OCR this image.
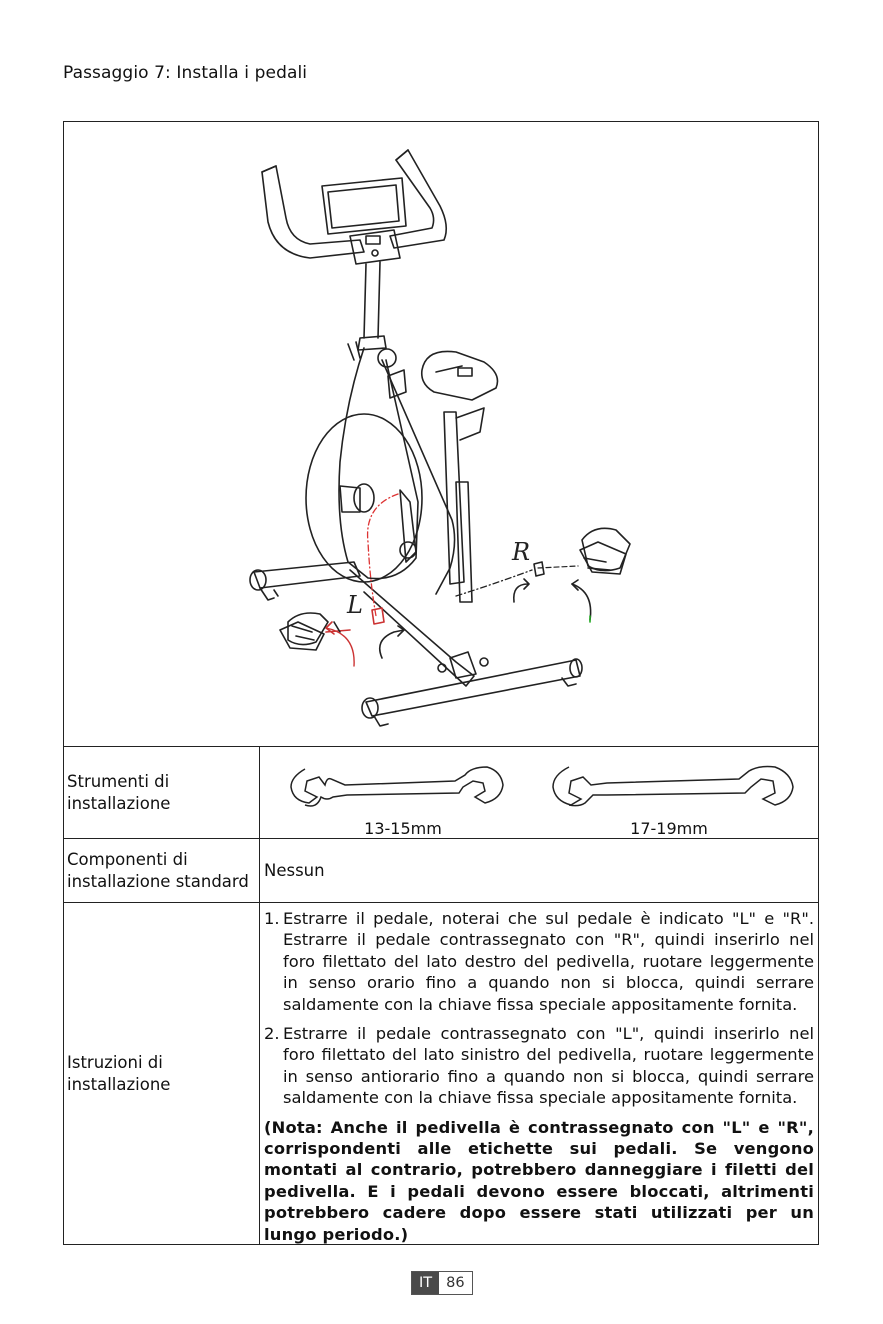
Passaggio 7: Installa i pedali
L
R
Strumenti di
installazione
13-15mm	17-19mm
Componenti di
installazione standard
Nessun
Istruzioni di
installazione
1. Estrarre il pedale, noterai che sul pedale è indicato "L" e "R". Estrarre il pedale contrassegnato con "R", quindi inserirlo nel foro filettato del lato destro del pedivella, ruotare leggermente in senso orario fino a quando non si blocca, quindi serrare saldamente con la chiave fissa speciale appositamente fornita.
2. Estrarre il pedale contrassegnato con "L", quindi inserirlo nel foro filettato del lato sinistro del pedivella, ruotare leggermente in senso antiorario fino a quando non si blocca, quindi serrare saldamente con la chiave fissa speciale appositamente fornita.
(Nota: Anche il pedivella è contrassegnato con "L" e "R", corrispondenti alle etichette sui pedali. Se vengono montati al contrario, potrebbero danneggiare i filetti del pedivella. E i pedali devono essere bloccati, altrimenti potrebbero cadere dopo essere stati utilizzati per un lungo periodo.)
IT 86
